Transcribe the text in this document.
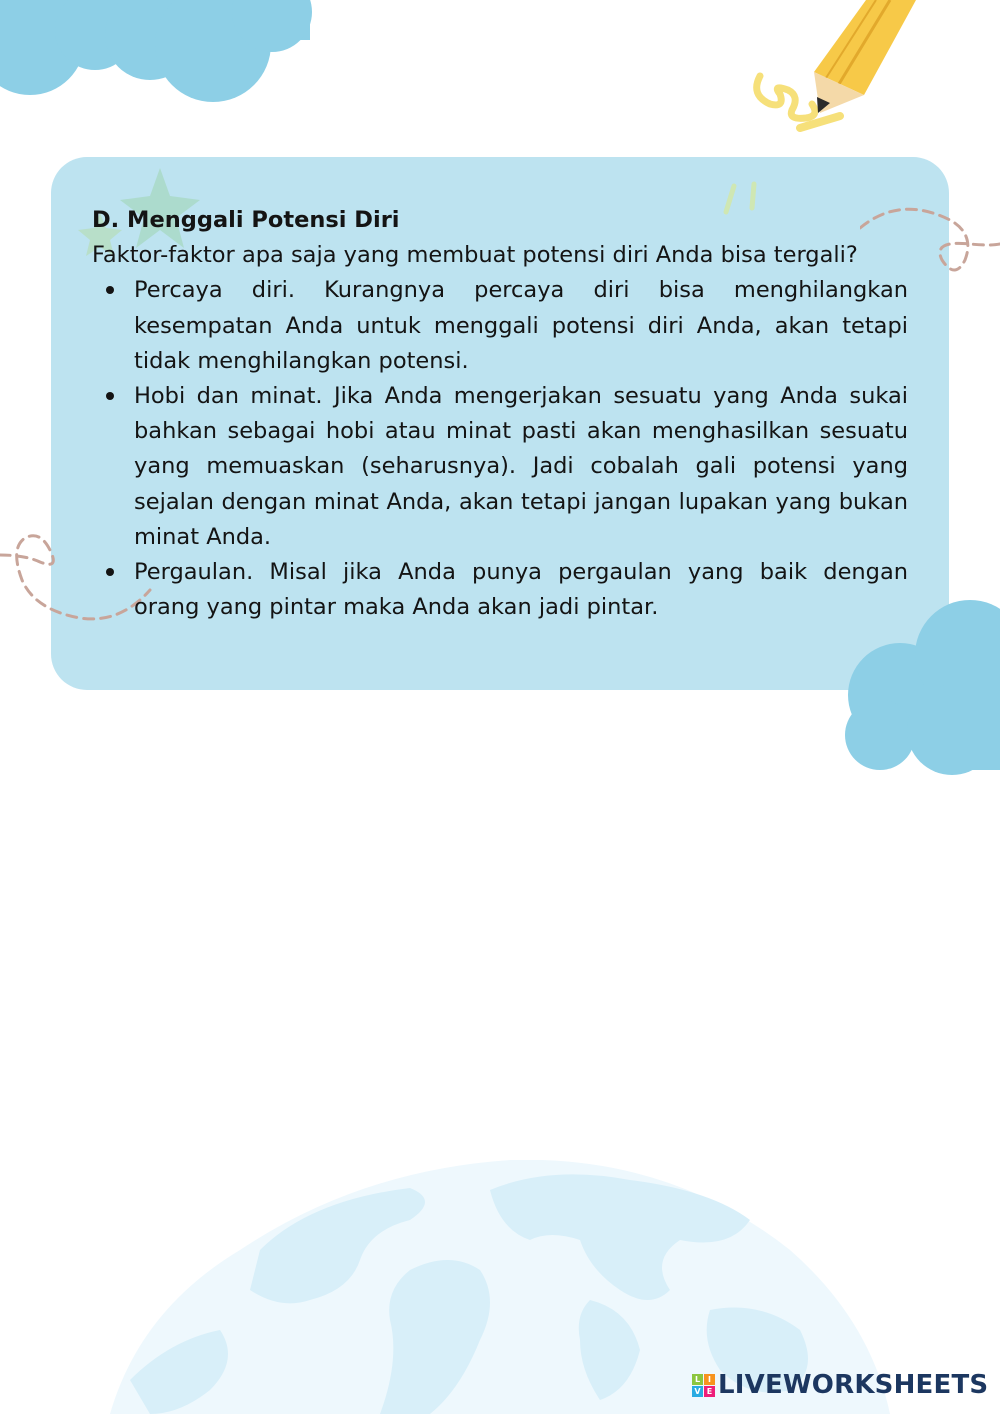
D. Menggali Potensi Diri

Faktor-faktor apa saja yang membuat potensi diri Anda bisa tergali?

Percaya diri. Kurangnya percaya diri bisa menghilangkan kesempatan Anda untuk menggali potensi diri Anda, akan tetapi tidak menghilangkan potensi.
Hobi dan minat. Jika Anda mengerjakan sesuatu yang Anda sukai bahkan sebagai hobi atau minat pasti akan menghasilkan sesuatu yang memuaskan (seharusnya). Jadi cobalah gali potensi yang sejalan dengan minat Anda, akan tetapi jangan lupakan yang bukan minat Anda.
Pergaulan. Misal jika Anda punya pergaulan yang baik dengan orang yang pintar maka Anda akan jadi pintar.
L I
V E LIVEWORKSHEETS
